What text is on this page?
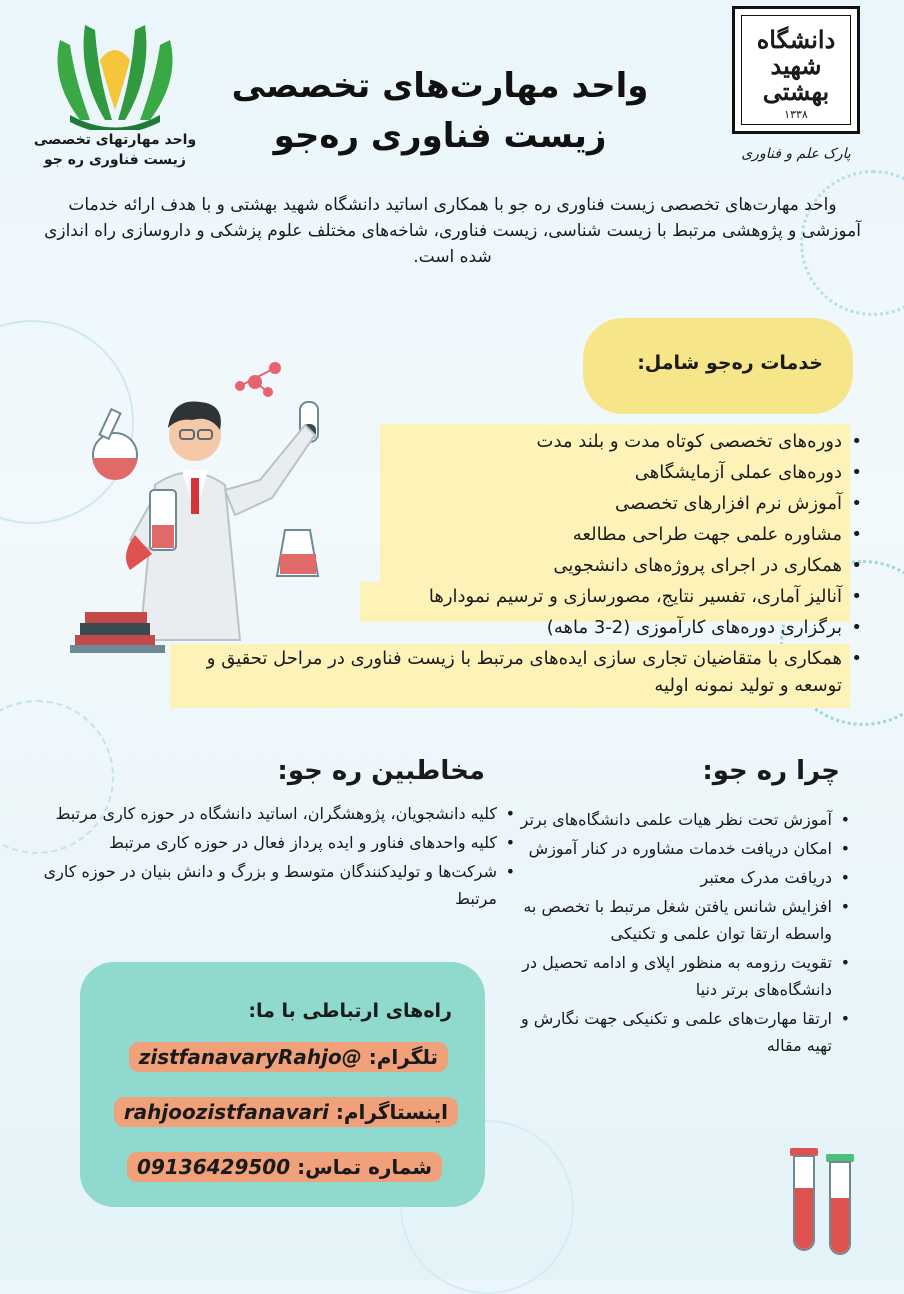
واحد مهارتهای تخصصی
زیست فناوری ره جو
دانشگاه شهید بهشتی
۱۳۳۸
پارک علم و فناوری
واحد مهارت‌های تخصصی
زیست فناوری ره‌جو
واحد مهارت‌های تخصصی زیست فناوری ره جو با همکاری اساتید دانشگاه شهید بهشتی و با هدف ارائه خدمات آموزشی و پژوهشی مرتبط با زیست شناسی، زیست فناوری، شاخه‌های مختلف علوم پزشکی و داروسازی راه اندازی شده است.
خدمات ره‌جو شامل:
• دوره‌های تخصصی کوتاه مدت و بلند مدت
• دوره‌های عملی آزمایشگاهی
• آموزش نرم افزارهای تخصصی
• مشاوره علمی جهت طراحی مطالعه
• همکاری در اجرای پروژه‌های دانشجویی
• آنالیز آماری، تفسیر نتایج، مصورسازی و ترسیم نمودارها
• برگزاری دوره‌های کارآموزی (2-3 ماهه)
• همکاری با متقاضیان تجاری سازی ایده‌های مرتبط با زیست فناوری در مراحل تحقیق و توسعه و تولید نمونه اولیه
چرا ره جو:
• آموزش تحت نظر هیات علمی دانشگاه‌های برتر
• امکان دریافت خدمات مشاوره در کنار آموزش
• دریافت مدرک معتبر
• افزایش شانس یافتن شغل مرتبط با تخصص به واسطه ارتقا توان علمی و تکنیکی
• تقویت رزومه به منظور اپلای و ادامه تحصیل در دانشگاه‌های برتر دنیا
• ارتقا مهارت‌های علمی و تکنیکی جهت نگارش و تهیه مقاله
مخاطبین ره جو:
• کلیه دانشجویان، پژوهشگران، اساتید دانشگاه در حوزه کاری مرتبط
• کلیه واحدهای فناور و ایده پرداز فعال در حوزه کاری مرتبط
• شرکت‌ها و تولیدکنندگان متوسط و بزرگ و دانش بنیان در حوزه کاری مرتبط
راه‌های ارتباطی با ما:
تلگرام: @zistfanavaryRahjo
اینستاگرام: rahjoozistfanavari
شماره تماس: 09136429500
